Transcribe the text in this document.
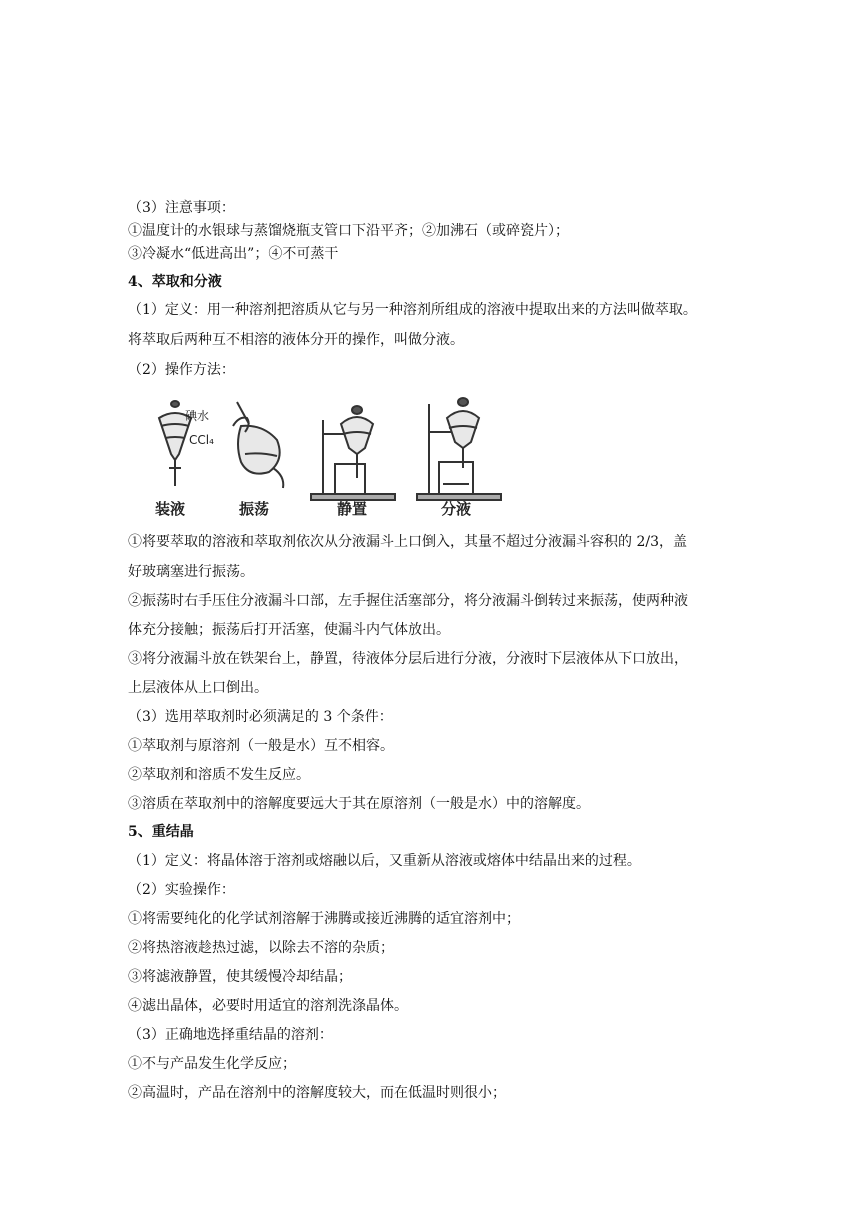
（3）注意事项：
①温度计的水银球与蒸馏烧瓶支管口下沿平齐；②加沸石（或碎瓷片）；
③冷凝水“低进高出”；④不可蒸干
4、萃取和分液
（1）定义：用一种溶剂把溶质从它与另一种溶剂所组成的溶液中提取出来的方法叫做萃取。
将萃取后两种互不相溶的液体分开的操作，叫做分液。
（2）操作方法：
碘水
CCl₄
装液	振荡	静置	分液
①将要萃取的溶液和萃取剂依次从分液漏斗上口倒入，其量不超过分液漏斗容积的 2/3，盖
好玻璃塞进行振荡。
②振荡时右手压住分液漏斗口部，左手握住活塞部分，将分液漏斗倒转过来振荡，使两种液
体充分接触；振荡后打开活塞，使漏斗内气体放出。
③将分液漏斗放在铁架台上，静置，待液体分层后进行分液，分液时下层液体从下口放出，
上层液体从上口倒出。
（3）选用萃取剂时必须满足的 3 个条件：
①萃取剂与原溶剂（一般是水）互不相容。
②萃取剂和溶质不发生反应。
③溶质在萃取剂中的溶解度要远大于其在原溶剂（一般是水）中的溶解度。
5、重结晶
（1）定义：将晶体溶于溶剂或熔融以后，又重新从溶液或熔体中结晶出来的过程。
（2）实验操作：
①将需要纯化的化学试剂溶解于沸腾或接近沸腾的适宜溶剂中；
②将热溶液趁热过滤，以除去不溶的杂质；
③将滤液静置，使其缓慢冷却结晶；
④滤出晶体，必要时用适宜的溶剂洗涤晶体。
（3）正确地选择重结晶的溶剂：
①不与产品发生化学反应；
②高温时，产品在溶剂中的溶解度较大，而在低温时则很小；
